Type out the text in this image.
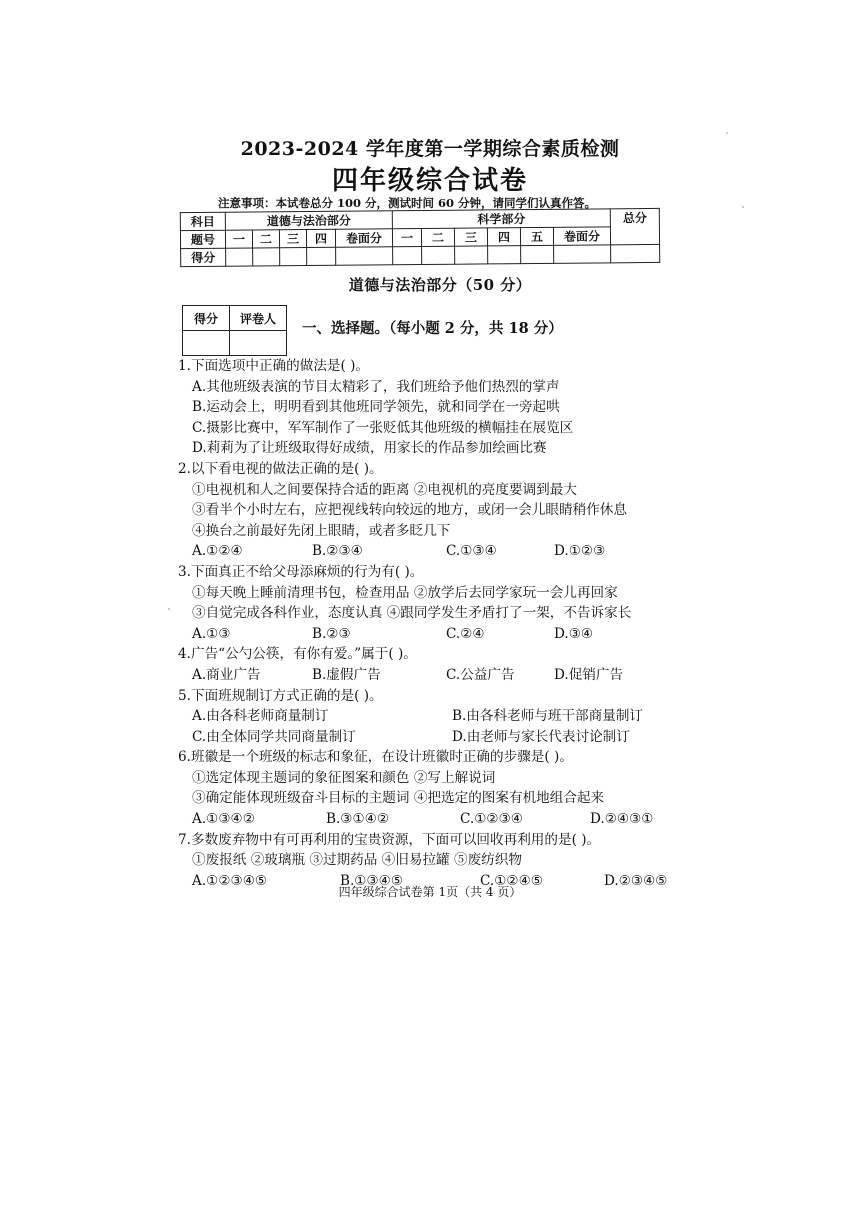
2023-2024 学年度第一学期综合素质检测
四年级综合试卷
注意事项：本试卷总分 100 分，测试时间 60 分钟，请同学们认真作答。
科目	道德与法治部分					科学部分						总分
题号	一	二	三	四	卷面分	一	二	三	四	五	卷面分	
得分												
道德与法治部分（50 分）
得分	评卷人

一、选择题。（每小题 2 分，共 18 分）
1.下面选项中正确的做法是( )。
A.其他班级表演的节目太精彩了，我们班给予他们热烈的掌声
B.运动会上，明明看到其他班同学领先，就和同学在一旁起哄
C.摄影比赛中，军军制作了一张贬低其他班级的横幅挂在展览区
D.莉莉为了让班级取得好成绩，用家长的作品参加绘画比赛
2.以下看电视的做法正确的是( )。
①电视机和人之间要保持合适的距离 ②电视机的亮度要调到最大
③看半个小时左右，应把视线转向较远的地方，或闭一会儿眼睛稍作休息
④换台之前最好先闭上眼睛，或者多眨几下
A.①②④	B.②③④	C.①③④	D.①②③
3.下面真正不给父母添麻烦的行为有( )。
①每天晚上睡前清理书包，检查用品 ②放学后去同学家玩一会儿再回家
③自觉完成各科作业，态度认真 ④跟同学发生矛盾打了一架，不告诉家长
A.①③	B.②③	C.②④	D.③④
4.广告“公勺公筷，有你有爱。”属于( )。
A.商业广告	B.虚假广告	C.公益广告	D.促销广告
5.下面班规制订方式正确的是( )。
A.由各科老师商量制订	B.由各科老师与班干部商量制订
C.由全体同学共同商量制订	D.由老师与家长代表讨论制订
6.班徽是一个班级的标志和象征，在设计班徽时正确的步骤是( )。
①选定体现主题词的象征图案和颜色 ②写上解说词
③确定能体现班级奋斗目标的主题词 ④把选定的图案有机地组合起来
A.①③④②	B.③①④②	C.①②③④	D.②④③①
7.多数废弃物中有可再利用的宝贵资源，下面可以回收再利用的是( )。
①废报纸 ②玻璃瓶 ③过期药品 ④旧易拉罐 ⑤废纺织物
A.①②③④⑤	B.①③④⑤	C.①②④⑤	D.②③④⑤
四年级综合试卷第 1页（共 4 页）
